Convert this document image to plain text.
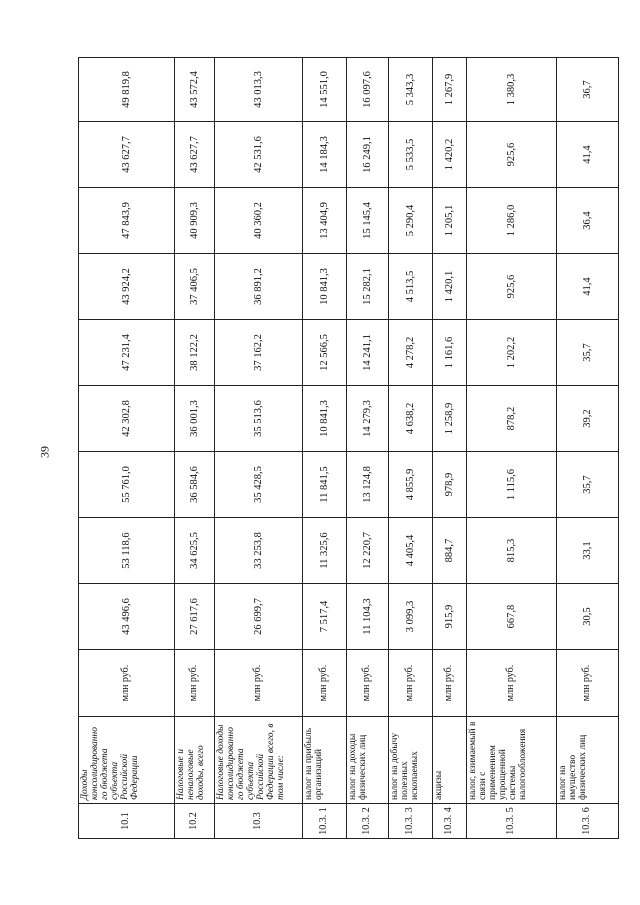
39
10.1	Доходы консолидированно го бюджета субъекта Российской Федерации	млн руб.	43 496,6	53 118,6	55 761,0	42 302,8	47 231,4	43 924,2	47 843,9	43 627,7	49 819,8
10.2	Налоговые и неналоговые доходы, всего	млн руб.	27 617,6	34 625,5	36 584,6	36 001,3	38 122,2	37 406,5	40 909,3	43 627,7	43 572,4
10.3	Налоговые доходы консолидированно го бюджета субъекта Российской Федерации всего, в том числе:	млн руб.	26 699,7	33 253,8	35 428,5	35 513,6	37 162,2	36 891,2	40 360,2	42 531,6	43 013,3
10.3. 1	налог на прибыль организаций	млн руб.	7 517,4	11 325,6	11 841,5	10 841,3	12 566,5	10 841,3	13 404,9	14 184,3	14 551,0
10.3. 2	налог на доходы физических лиц	млн руб.	11 104,3	12 220,7	13 124,8	14 279,3	14 241,1	15 282,1	15 145,4	16 249,1	16 097,6
10.3. 3	налог на добычу полезных ископаемых	млн руб.	3 099,3	4 405,4	4 855,9	4 638,2	4 278,2	4 513,5	5 290,4	5 533,5	5 343,3
10.3. 4	акцизы	млн руб.	915,9	884,7	978,9	1 258,9	1 161,6	1 420,1	1 205,1	1 420,2	1 267,9
10.3. 5	налог, взимаемый в связи с применением упрощенной системы налогообложения	млн руб.	667,8	815,3	1 115,6	878,2	1 202,2	925,6	1 286,0	925,6	1 380,3
10.3. 6	налог на имущество физических лиц	млн руб.	30,5	33,1	35,7	39,2	35,7	41,4	36,4	41,4	36,7
